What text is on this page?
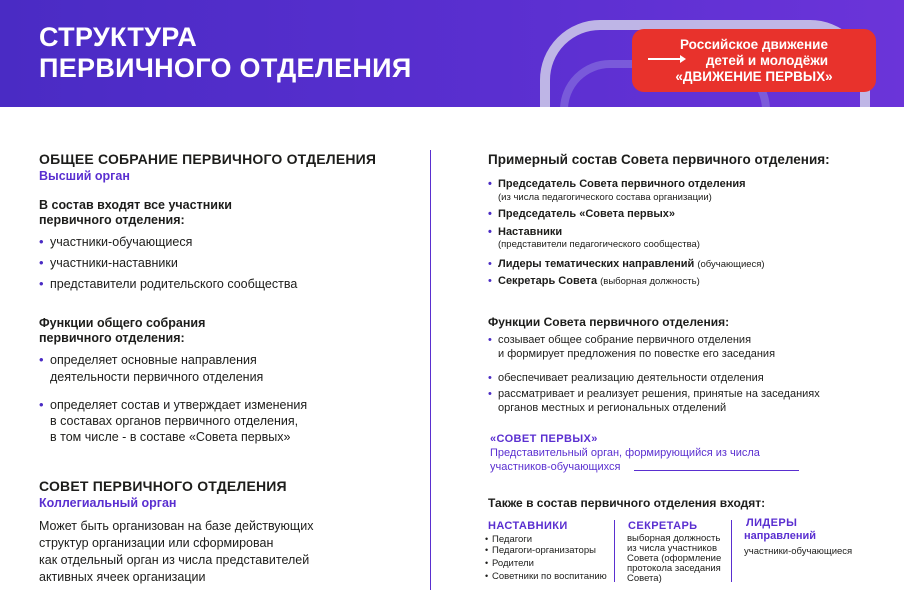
СТРУКТУРА
ПЕРВИЧНОГО ОТДЕЛЕНИЯ
Российское движение
детей и молодёжи
«ДВИЖЕНИЕ ПЕРВЫХ»
ОБЩЕЕ СОБРАНИЕ ПЕРВИЧНОГО ОТДЕЛЕНИЯ
Высший орган
В состав входят все участники
первичного отделения:
• участники-обучающиеся
• участники-наставники
• представители родительского сообщества
Функции общего собрания
первичного отделения:
• определяет основные направления
деятельности первичного отделения
• определяет состав и утверждает изменения
в составах органов первичного отделения,
в том числе - в составе «Совета первых»
СОВЕТ ПЕРВИЧНОГО ОТДЕЛЕНИЯ
Коллегиальный орган
Может быть организован на базе действующих
структур организации или сформирован
как отдельный орган из числа представителей
активных ячеек организации
Примерный состав Совета первичного отделения:
• Председатель Совета первичного отделения
(из числа педагогического состава организации)
• Председатель «Совета первых»
• Наставники
(представители педагогического сообщества)
• Лидеры тематических направлений (обучающиеся)
• Секретарь Совета (выборная должность)
Функции Совета первичного отделения:
• созывает общее собрание первичного отделения
и формирует предложения по повестке его заседания
• обеспечивает реализацию деятельности отделения
• рассматривает и реализует решения, принятые на заседаниях
органов местных и региональных отделений
«СОВЕТ ПЕРВЫХ»
Представительный орган, формирующийся из числа
участников-обучающихся
Также в состав первичного отделения входят:
НАСТАВНИКИ
• Педагоги
• Педагоги-организаторы
• Родители
• Советники по воспитанию
СЕКРЕТАРЬ
выборная должность
из числа участников
Совета (оформление
протокола заседания
Совета)
ЛИДЕРЫ
направлений
участники-обучающиеся
